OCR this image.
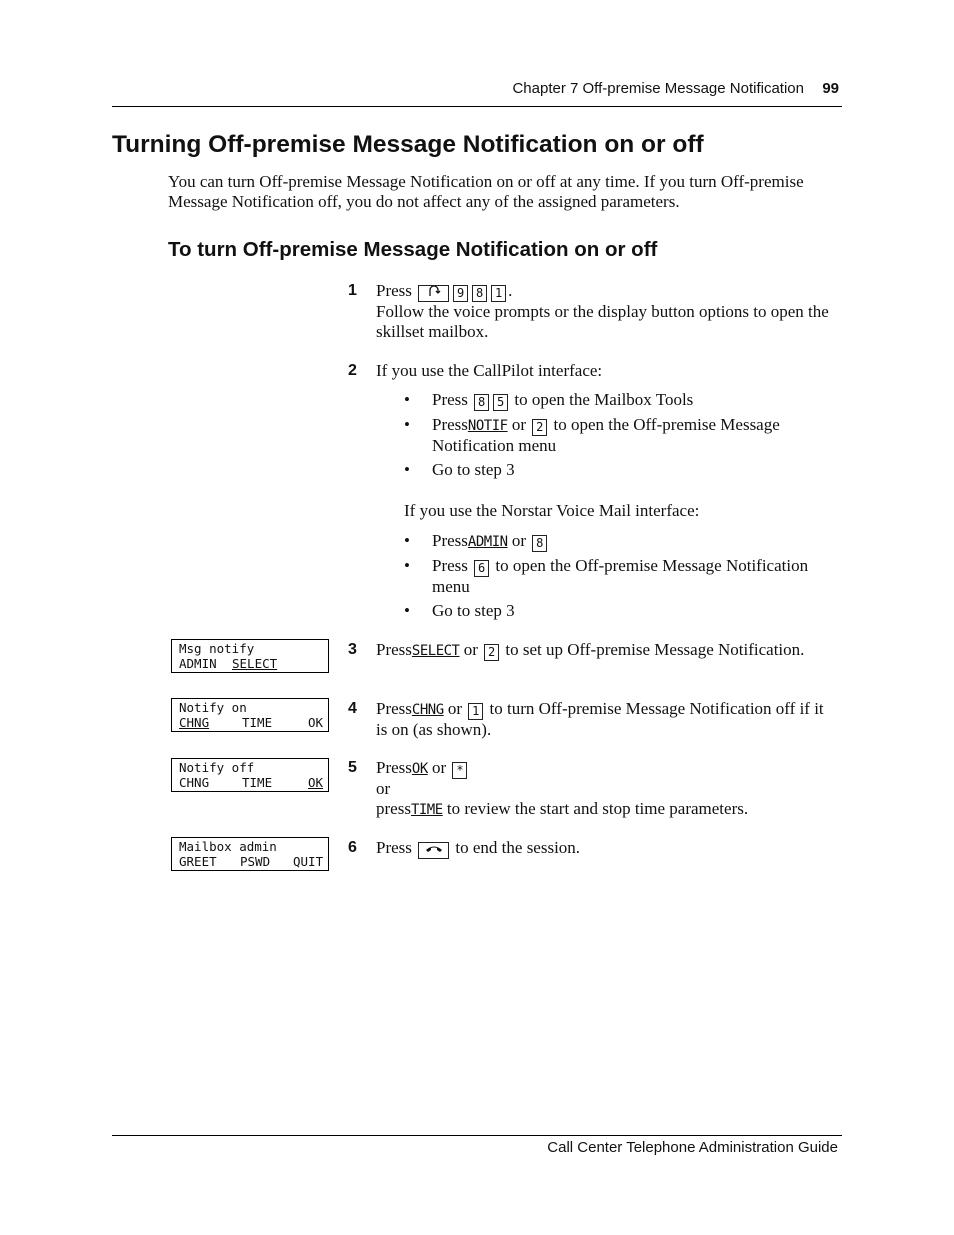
Chapter 7 Off-premise Message Notification 99
Turning Off-premise Message Notification on or off
You can turn Off-premise Message Notification on or off at any time. If you turn Off-premise Message Notification off, you do not affect any of the assigned parameters.
To turn Off-premise Message Notification on or off
1 Press	9 8 1 .
Follow the voice prompts or the display button options to open the skillset mailbox.
2 If you use the CallPilot interface:
• Press 8 5 to open the Mailbox Tools
• PressNOTIF or 2 to open the Off-premise Message Notification menu
• Go to step 3
If you use the Norstar Voice Mail interface:
• PressADMIN or 8
• Press 6 to open the Off-premise Message Notification menu
• Go to step 3
Msg notify
ADMIN SELECT
3 PressSELECT or 2 to set up Off-premise Message Notification.
Notify on
CHNG	TIME	OK
4 PressCHNG or 1 to turn Off-premise Message Notification off if it is on (as shown).
Notify off
CHNG	TIME	OK
5 PressOK or *
or
pressTIME to review the start and stop time parameters.
Mailbox admin
GREET PSWD QUIT
6 Press	to end the session.
Call Center Telephone Administration Guide
